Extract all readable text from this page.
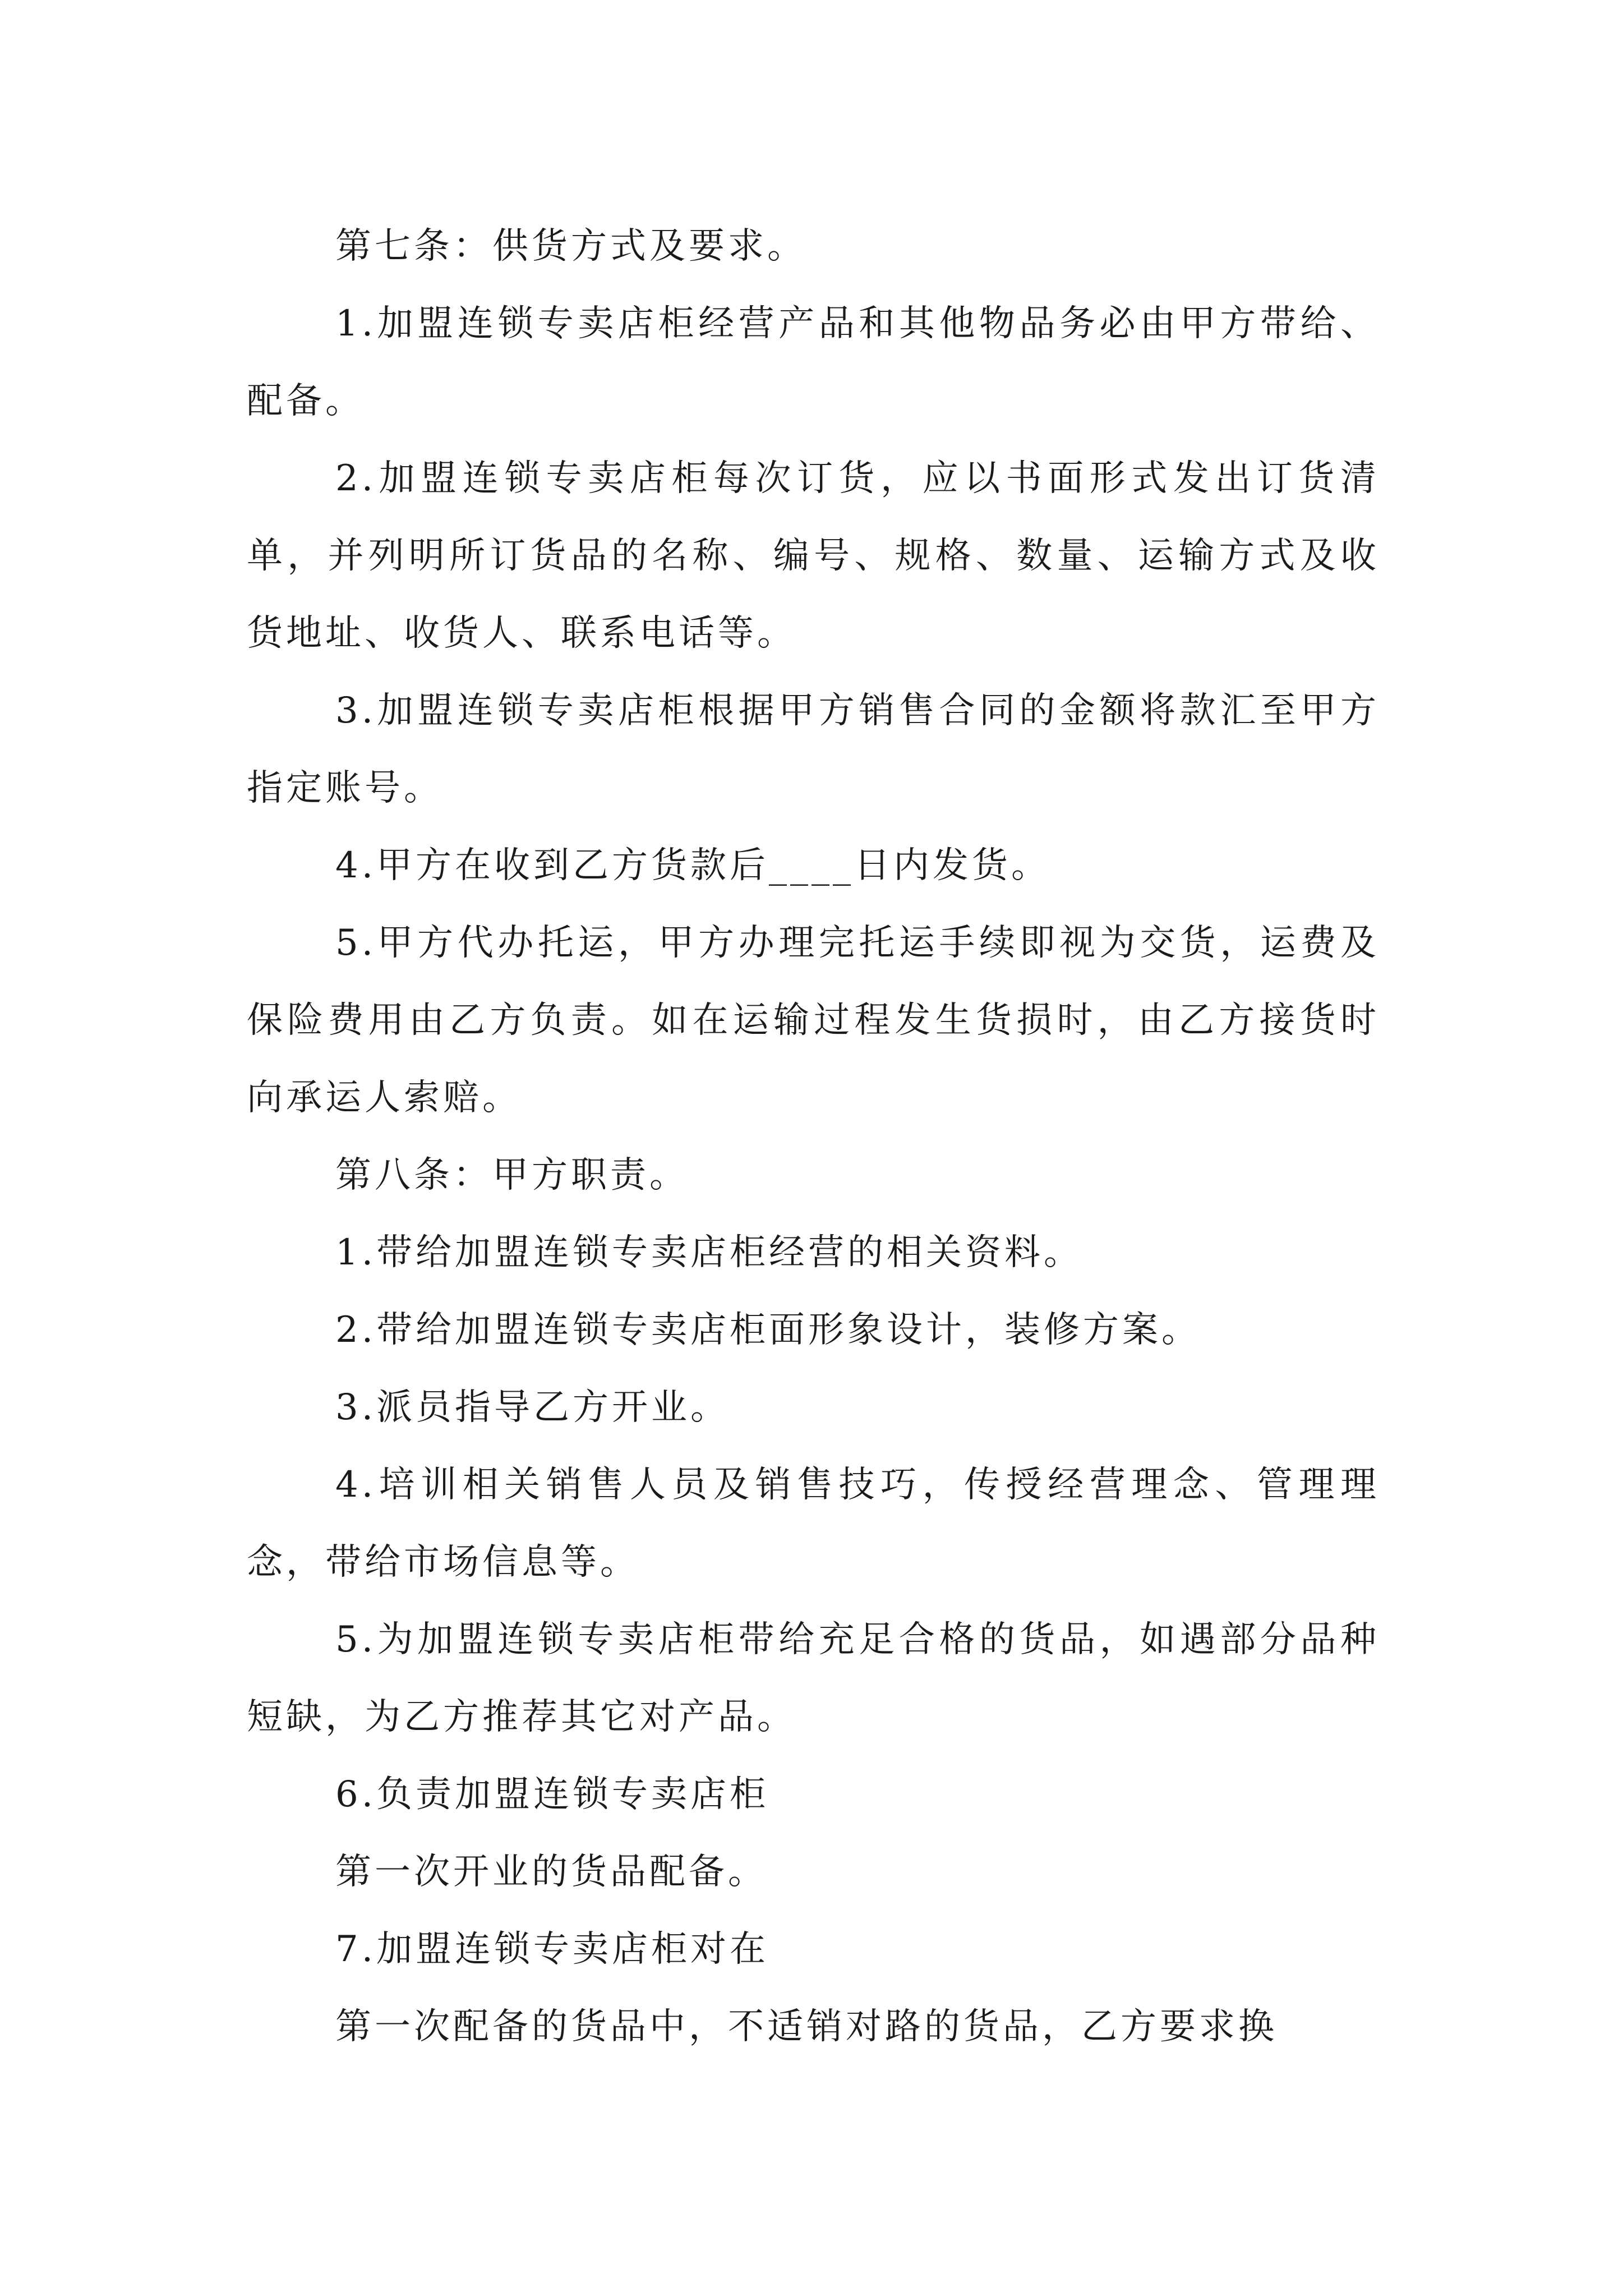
第七条：供货方式及要求。

1.加盟连锁专卖店柜经营产品和其他物品务必由甲方带给、配备。

2.加盟连锁专卖店柜每次订货，应以书面形式发出订货清单，并列明所订货品的名称、编号、规格、数量、运输方式及收货地址、收货人、联系电话等。

3.加盟连锁专卖店柜根据甲方销售合同的金额将款汇至甲方指定账号。

4.甲方在收到乙方货款后____日内发货。

5.甲方代办托运，甲方办理完托运手续即视为交货，运费及保险费用由乙方负责。如在运输过程发生货损时，由乙方接货时向承运人索赔。

第八条：甲方职责。

1.带给加盟连锁专卖店柜经营的相关资料。

2.带给加盟连锁专卖店柜面形象设计，装修方案。

3.派员指导乙方开业。

4.培训相关销售人员及销售技巧，传授经营理念、管理理念，带给市场信息等。

5.为加盟连锁专卖店柜带给充足合格的货品，如遇部分品种短缺，为乙方推荐其它对产品。

6.负责加盟连锁专卖店柜

第一次开业的货品配备。

7.加盟连锁专卖店柜对在

第一次配备的货品中，不适销对路的货品，乙方要求换
